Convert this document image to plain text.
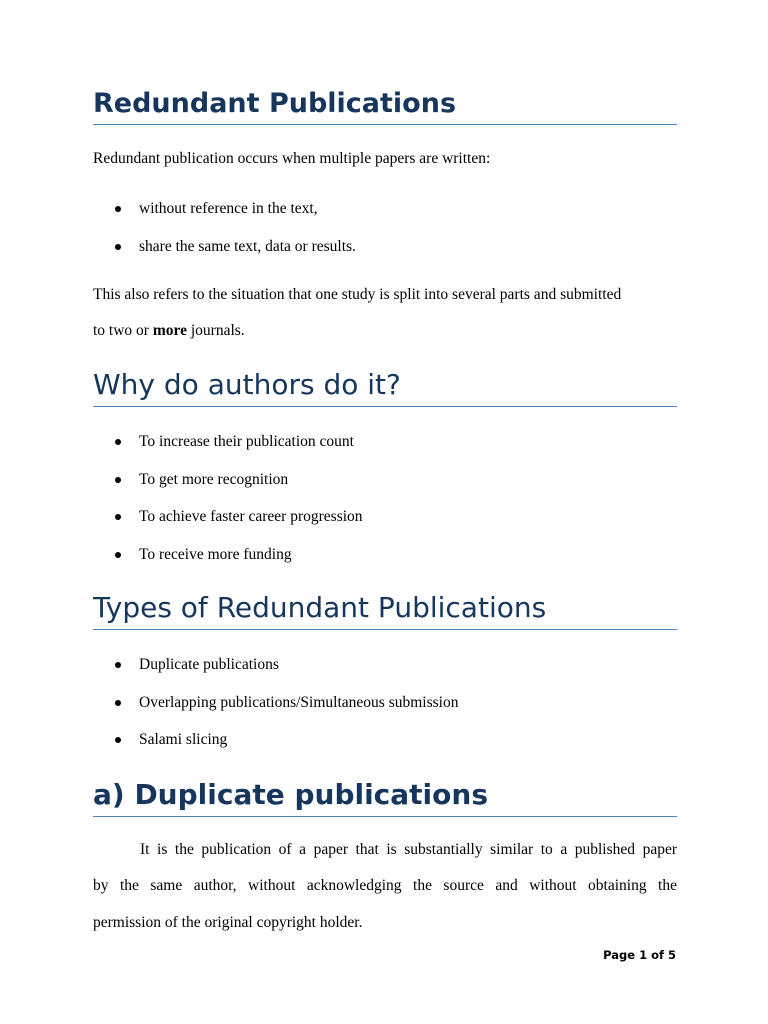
Redundant Publications

Redundant publication occurs when multiple papers are written:

without reference in the text,
share the same text, data or results.

This also refers to the situation that one study is split into several parts and submitted

to two or more journals.

Why do authors do it?
To increase their publication count
To get more recognition
To achieve faster career progression
To receive more funding
Types of Redundant Publications
Duplicate publications
Overlapping publications/Simultaneous submission
Salami slicing
a) Duplicate publications

It is the publication of a paper that is substantially similar to a published paper

by the same author, without acknowledging the source and without obtaining the

permission of the original copyright holder.

Page 1 of 5
